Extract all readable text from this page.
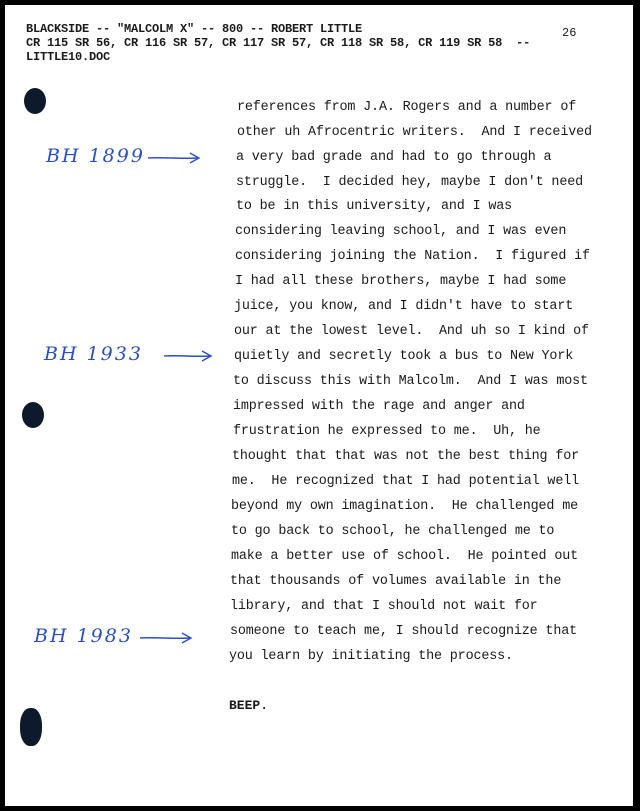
BLACKSIDE -- "MALCOLM X" -- 800 -- ROBERT LITTLE
CR 115 SR 56, CR 116 SR 57, CR 117 SR 57, CR 118 SR 58, CR 119 SR 58  --
LITTLE10.DOC
26
references from J.A. Rogers and a number of
other uh Afrocentric writers.  And I received
a very bad grade and had to go through a
struggle.  I decided hey, maybe I don't need
to be in this university, and I was
considering leaving school, and I was even
considering joining the Nation.  I figured if
I had all these brothers, maybe I had some
juice, you know, and I didn't have to start
our at the lowest level.  And uh so I kind of
quietly and secretly took a bus to New York
to discuss this with Malcolm.  And I was most
impressed with the rage and anger and
frustration he expressed to me.  Uh, he
thought that that was not the best thing for
me.  He recognized that I had potential well
beyond my own imagination.  He challenged me
to go back to school, he challenged me to
make a better use of school.  He pointed out
that thousands of volumes available in the
library, and that I should not wait for
someone to teach me, I should recognize that
you learn by initiating the process.
BEEP.
BH 1899
BH 1933
BH 1983
